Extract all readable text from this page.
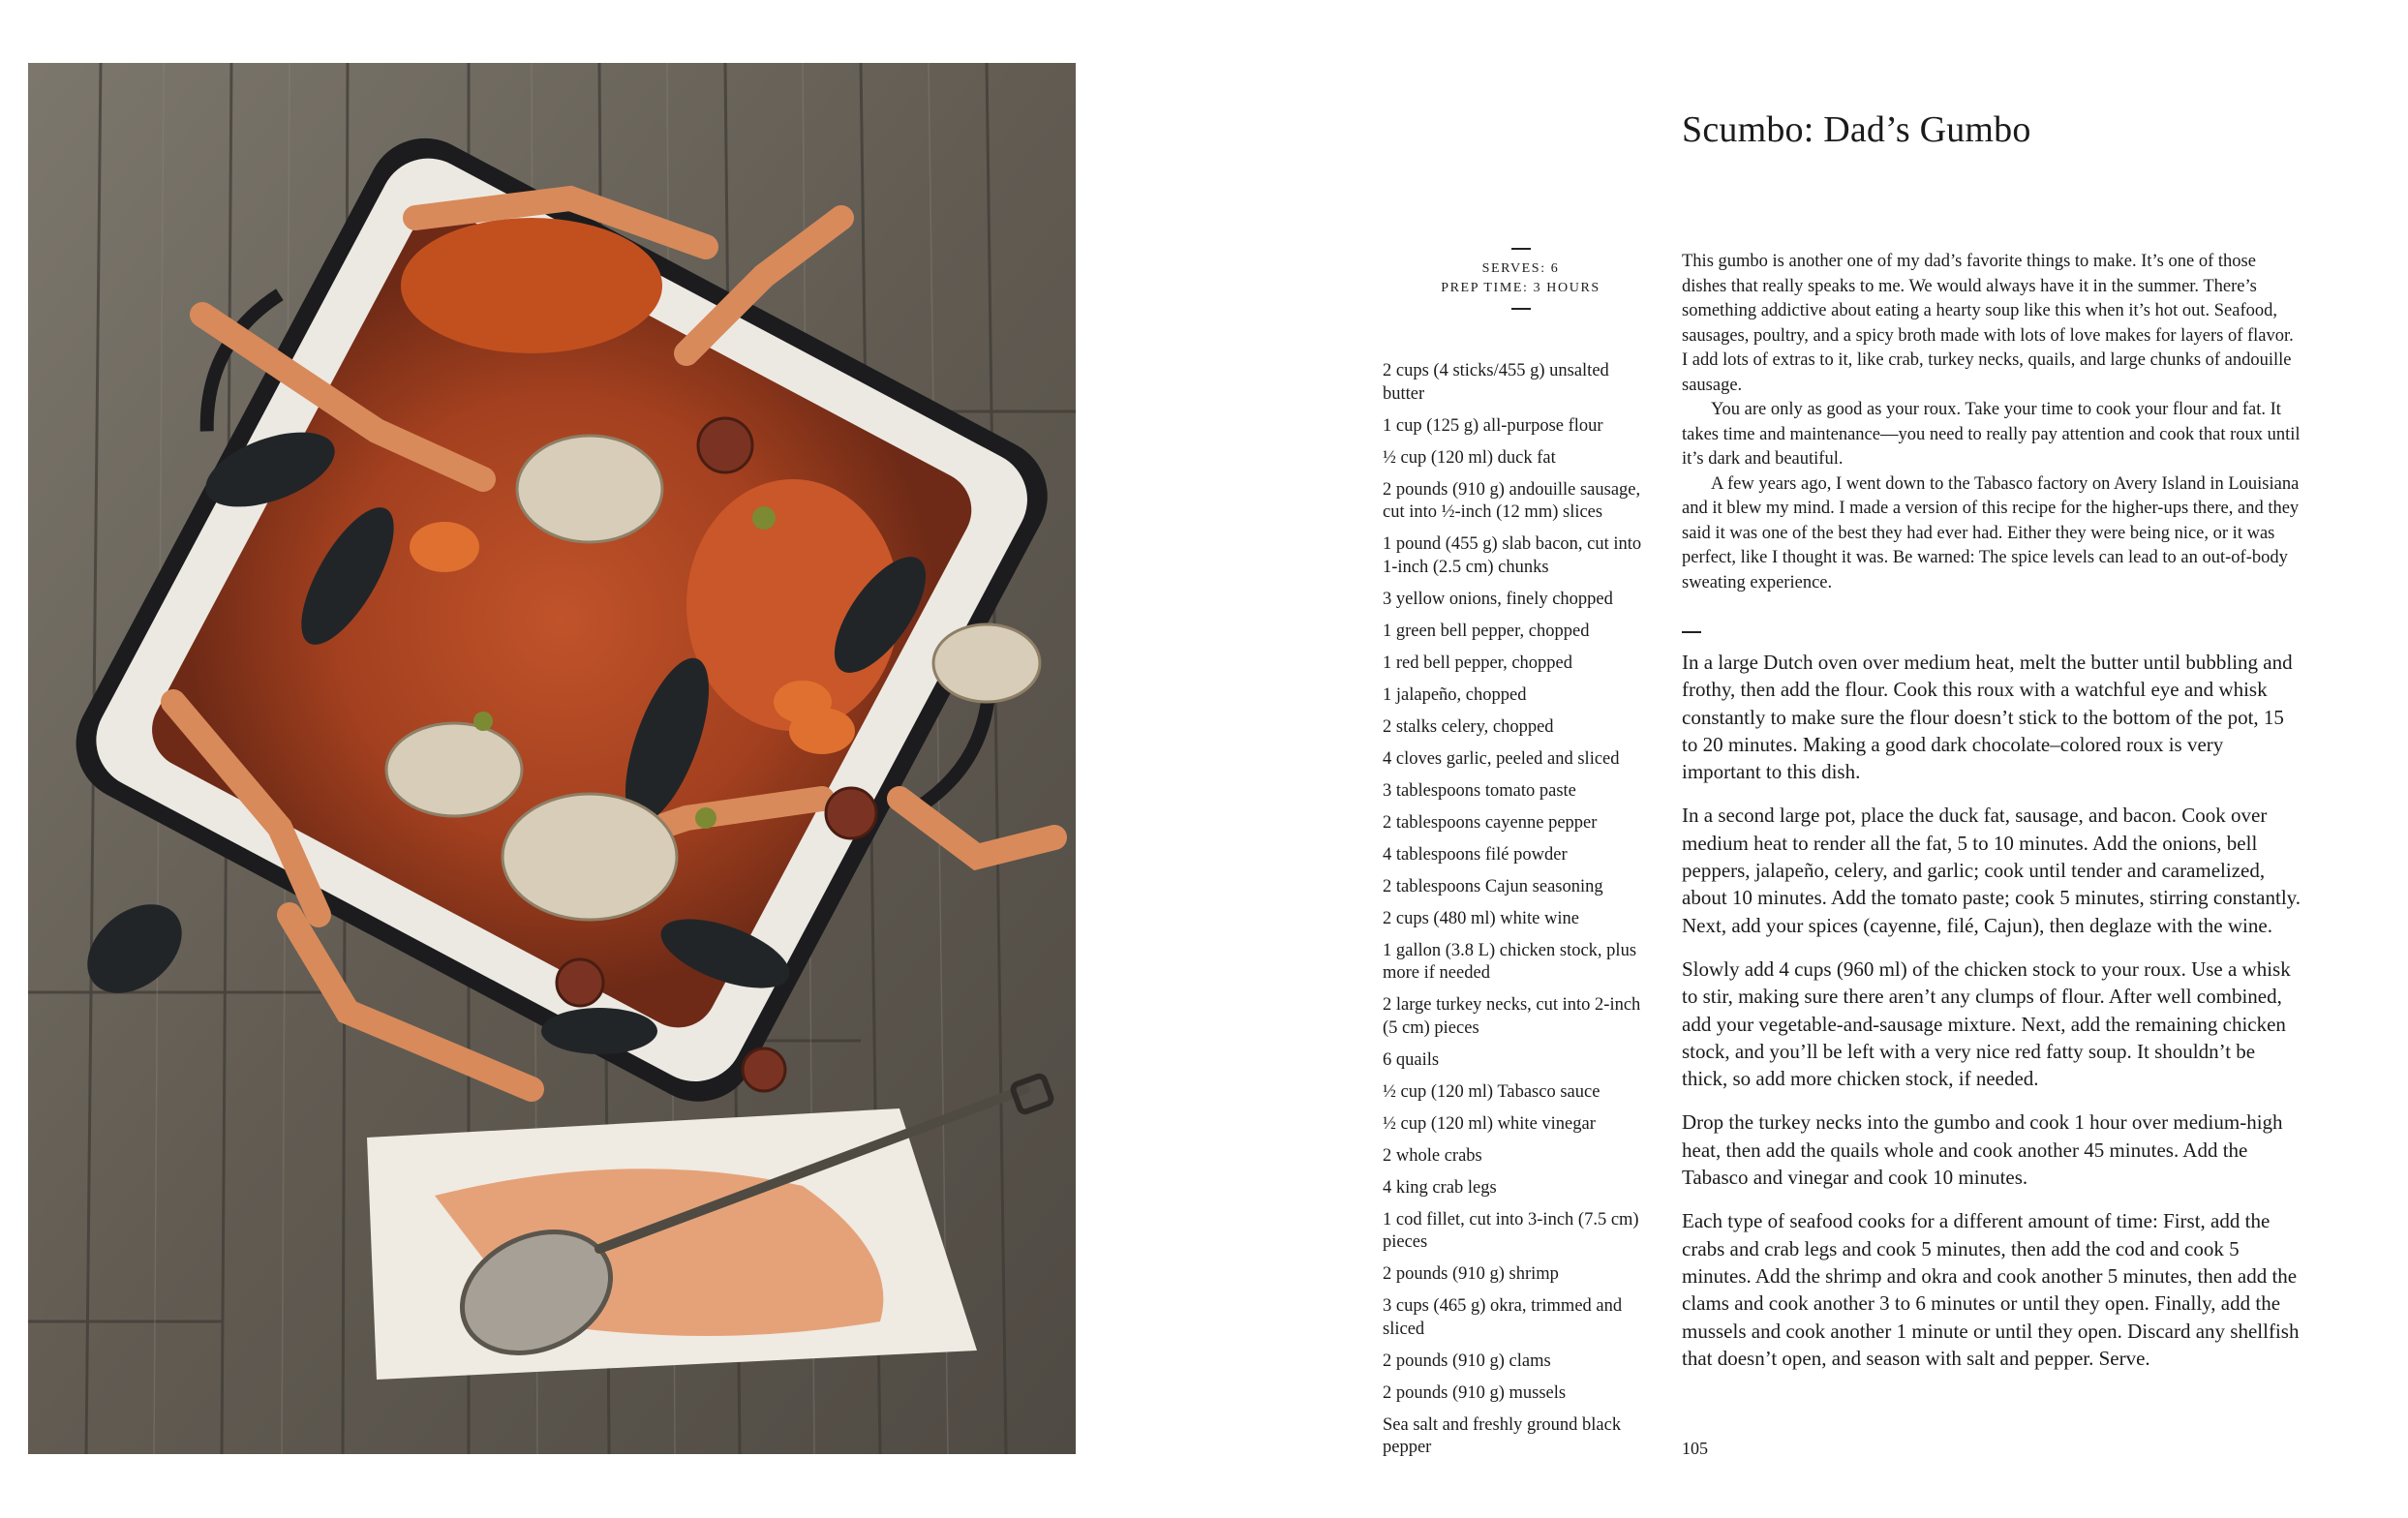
Scumbo: Dad’s Gumbo
SERVES: 6
PREP TIME: 3 HOURS
2 cups (4 sticks/455 g) unsalted butter
1 cup (125 g) all-purpose flour
½ cup (120 ml) duck fat
2 pounds (910 g) andouille sausage, cut into ½-inch (12 mm) slices
1 pound (455 g) slab bacon, cut into 1-inch (2.5 cm) chunks
3 yellow onions, finely chopped
1 green bell pepper, chopped
1 red bell pepper, chopped
1 jalapeño, chopped
2 stalks celery, chopped
4 cloves garlic, peeled and sliced
3 tablespoons tomato paste
2 tablespoons cayenne pepper
4 tablespoons filé powder
2 tablespoons Cajun seasoning
2 cups (480 ml) white wine
1 gallon (3.8 L) chicken stock, plus more if needed
2 large turkey necks, cut into 2-inch (5 cm) pieces
6 quails
½ cup (120 ml) Tabasco sauce
½ cup (120 ml) white vinegar
2 whole crabs
4 king crab legs
1 cod fillet, cut into 3-inch (7.5 cm) pieces
2 pounds (910 g) shrimp
3 cups (465 g) okra, trimmed and sliced
2 pounds (910 g) clams
2 pounds (910 g) mussels
Sea salt and freshly ground black pepper

This gumbo is another one of my dad’s favorite things to make. It’s one of those dishes that really speaks to me. We would always have it in the summer. There’s something addictive about eating a hearty soup like this when it’s hot out. Seafood, sausages, poultry, and a spicy broth made with lots of love makes for layers of flavor. I add lots of extras to it, like crab, turkey necks, quails, and large chunks of andouille sausage.

You are only as good as your roux. Take your time to cook your flour and fat. It takes time and maintenance—you need to really pay attention and cook that roux until it’s dark and beautiful.

A few years ago, I went down to the Tabasco factory on Avery Island in Louisiana and it blew my mind. I made a version of this recipe for the higher-ups there, and they said it was one of the best they had ever had. Either they were being nice, or it was perfect, like I thought it was. Be warned: The spice levels can lead to an out-of-body sweating experience.

In a large Dutch oven over medium heat, melt the butter until bubbling and frothy, then add the flour. Cook this roux with a watchful eye and whisk constantly to make sure the flour doesn’t stick to the bottom of the pot, 15 to 20 minutes. Making a good dark chocolate–colored roux is very important to this dish.

In a second large pot, place the duck fat, sausage, and bacon. Cook over medium heat to render all the fat, 5 to 10 minutes. Add the onions, bell peppers, jalapeño, celery, and garlic; cook until tender and caramelized, about 10 minutes. Add the tomato paste; cook 5 minutes, stirring constantly. Next, add your spices (cayenne, filé, Cajun), then deglaze with the wine.

Slowly add 4 cups (960 ml) of the chicken stock to your roux. Use a whisk to stir, making sure there aren’t any clumps of flour. After well combined, add your vegetable-and-sausage mixture. Next, add the remaining chicken stock, and you’ll be left with a very nice red fatty soup. It shouldn’t be thick, so add more chicken stock, if needed.

Drop the turkey necks into the gumbo and cook 1 hour over medium-high heat, then add the quails whole and cook another 45 minutes. Add the Tabasco and vinegar and cook 10 minutes.

Each type of seafood cooks for a different amount of time: First, add the crabs and crab legs and cook 5 minutes, then add the cod and cook 5 minutes. Add the shrimp and okra and cook another 5 minutes, then add the clams and cook another 3 to 6 minutes or until they open. Finally, add the mussels and cook another 1 minute or until they open. Discard any shellfish that doesn’t open, and season with salt and pepper. Serve.

105
